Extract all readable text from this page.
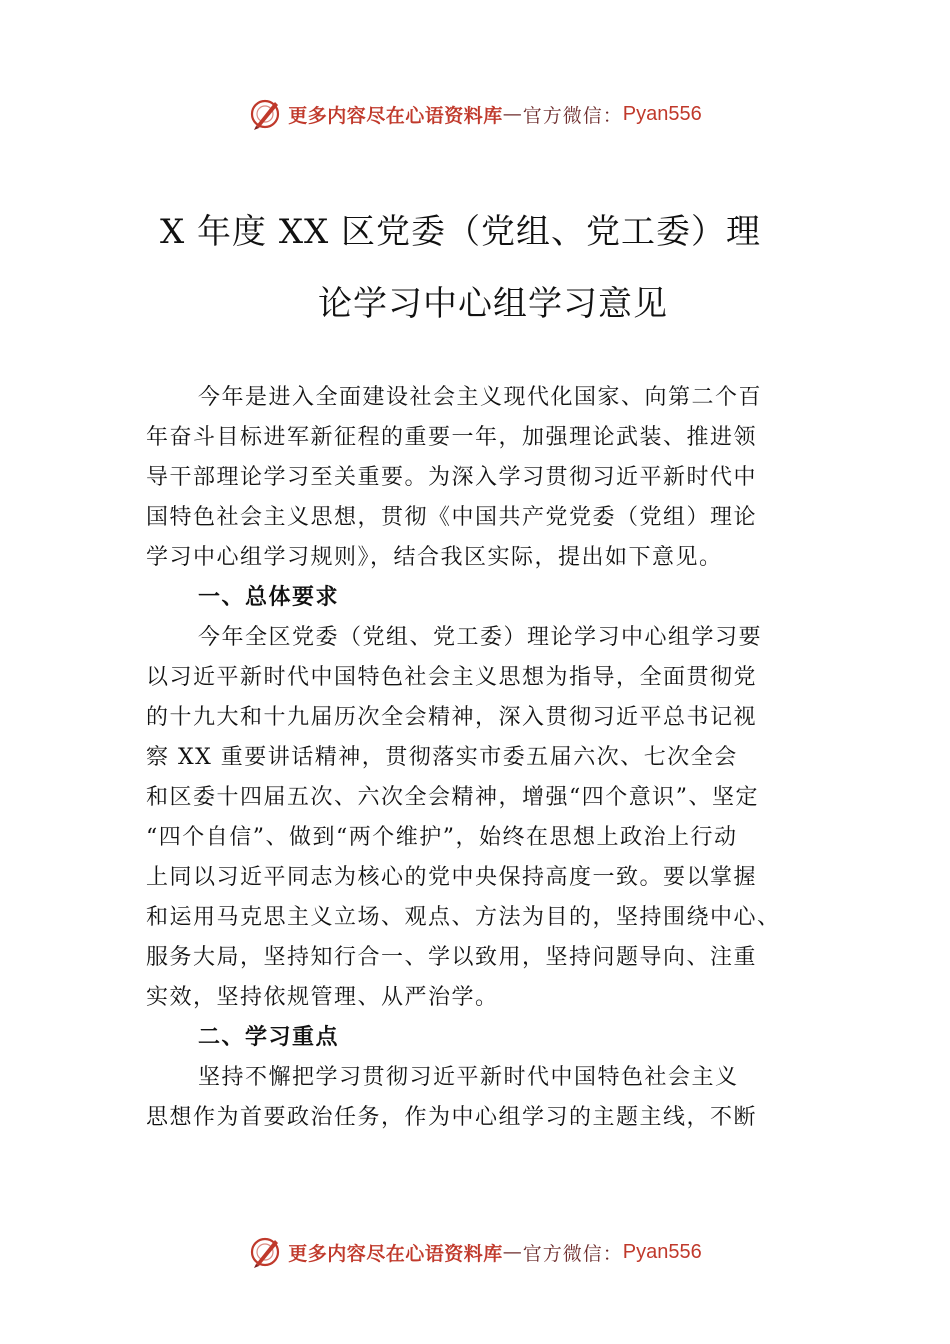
更多内容尽在心语资料库 — 官方微信： Pyan556
X 年度 XX 区党委（党组、党工委）理
论学习中心组学习意见
今年是进入全面建设社会主义现代化国家、向第二个百
年奋斗目标进军新征程的重要一年，加强理论武装、推进领
导干部理论学习至关重要。为深入学习贯彻习近平新时代中
国特色社会主义思想，贯彻《中国共产党党委（党组）理论
学习中心组学习规则》，结合我区实际，提出如下意见。
一、总体要求
今年全区党委（党组、党工委）理论学习中心组学习要
以习近平新时代中国特色社会主义思想为指导，全面贯彻党
的十九大和十九届历次全会精神，深入贯彻习近平总书记视
察 XX 重要讲话精神，贯彻落实市委五届六次、七次全会
和区委十四届五次、六次全会精神，增强“四个意识”、坚定
“四个自信”、做到“两个维护”，始终在思想上政治上行动
上同以习近平同志为核心的党中央保持高度一致。要以掌握
和运用马克思主义立场、观点、方法为目的，坚持围绕中心、
服务大局，坚持知行合一、学以致用，坚持问题导向、注重
实效，坚持依规管理、从严治学。
二、学习重点
坚持不懈把学习贯彻习近平新时代中国特色社会主义
思想作为首要政治任务，作为中心组学习的主题主线，不断
更多内容尽在心语资料库 — 官方微信： Pyan556
